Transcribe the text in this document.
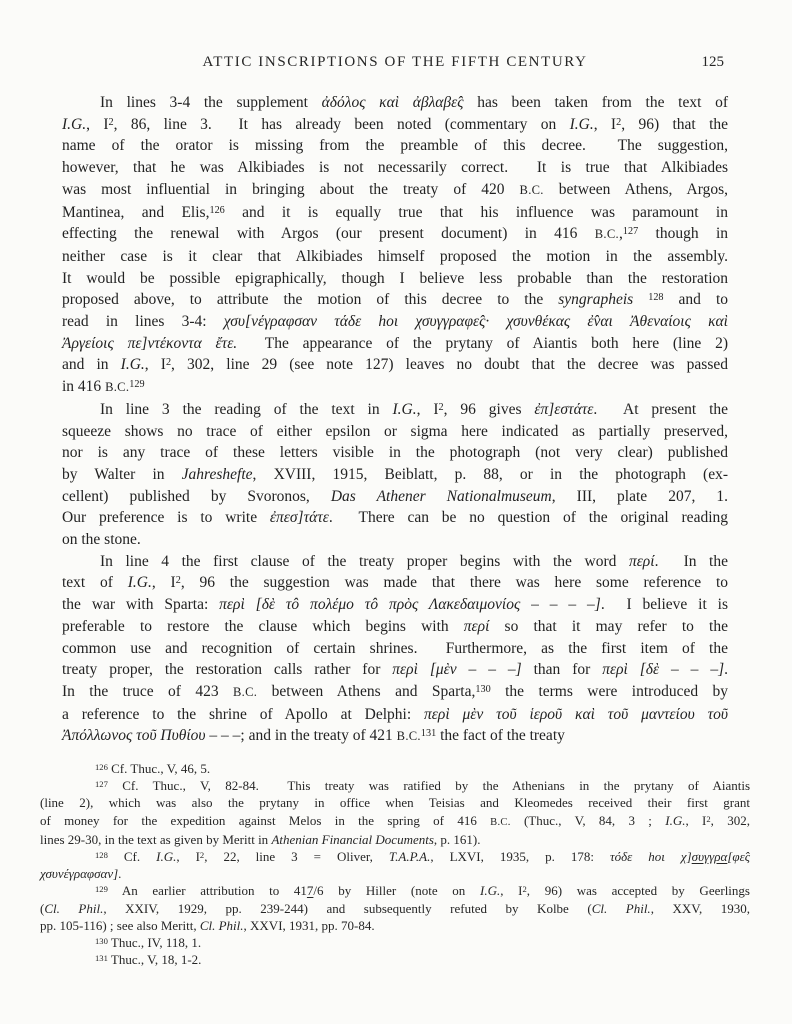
ATTIC INSCRIPTIONS OF THE FIFTH CENTURY	125
In lines 3-4 the supplement ἀδόλος καὶ ἀβλαβε̂ς has been taken from the text of
I.G., $I^2$, 86, line 3.  It has already been noted (commentary on I.G., $I^2$, 96) that the
name of the orator is missing from the preamble of this decree.  The suggestion,
however, that he was Alkibiades is not necessarily correct.  It is true that Alkibiades
was most influential in bringing about the treaty of 420 B.C. between Athens, Argos,
Mantinea, and Elis,$^{126}$ and it is equally true that his influence was paramount in
effecting the renewal with Argos (our present document) in 416 B.C.,$^{127}$ though in
neither case is it clear that Alkibiades himself proposed the motion in the assembly.
It would be possible epigraphically, though I believe less probable than the restoration
proposed above, to attribute the motion of this decree to the syngrapheis $^{128}$ and to
read in lines 3-4: χσυ[νέγραφσαν τάδε hοι χσυγγραφε̂ς· χσυνθέκας ἐ̂ναι Ἀθεναίοις καὶ
Ἀργείοις πε]ντέκοντα ἔτε.  The appearance of the prytany of Aiantis both here (line 2)
and in I.G., $I^2$, 302, line 29 (see note 127) leaves no doubt that the decree was passed
in 416 B.C.$^{129}$
In line 3 the reading of the text in I.G., $I^2$, 96 gives ἐπ]εστάτε.  At present the
squeeze shows no trace of either epsilon or sigma here indicated as partially preserved,
nor is any trace of these letters visible in the photograph (not very clear) published
by Walter in Jahreshefte, XVIII, 1915, Beiblatt, p. 88, or in the photograph (ex-
cellent) published by Svoronos, Das Athener Nationalmuseum, III, plate 207, 1.
Our preference is to write ἐπεσ]τάτε.  There can be no question of the original reading
on the stone.
In line 4 the first clause of the treaty proper begins with the word περί.  In the
text of I.G., $I^2$, 96 the suggestion was made that there was here some reference to
the war with Sparta: περὶ [δὲ τô πολέμο τô πρὸς Λακεδαιμονίος – – – –].  I believe it is
preferable to restore the clause which begins with περί so that it may refer to the
common use and recognition of certain shrines.  Furthermore, as the first item of the
treaty proper, the restoration calls rather for περὶ [μὲν – – –] than for περὶ [δὲ – – –].
In the truce of 423 B.C. between Athens and Sparta,$^{130}$ the terms were introduced by
a reference to the shrine of Apollo at Delphi: περὶ μὲν τοῦ ἱεροῦ καὶ τοῦ μαντείου τοῦ
Ἀπόλλωνος τοῦ Πυθίου – – –; and in the treaty of 421 B.C.$^{131}$ the fact of the treaty
$^{126}$ Cf. Thuc., V, 46, 5.
$^{127}$ Cf. Thuc., V, 82-84.  This treaty was ratified by the Athenians in the prytany of Aiantis
(line 2), which was also the prytany in office when Teisias and Kleomedes received their first grant
of money for the expedition against Melos in the spring of 416 B.C. (Thuc., V, 84, 3 ; I.G., $I^2$, 302,
lines 29-30, in the text as given by Meritt in Athenian Financial Documents, p. 161).
$^{128}$ Cf. I.G., $I^2$, 22, line 3 = Oliver, T.A.P.A., LXVI, 1935, p. 178: τόδε hοι χ]συγγρα[φε̂ς
χσυνέγραφσαν].
$^{129}$ An earlier attribution to 417/6 by Hiller (note on I.G., $I^2$, 96) was accepted by Geerlings
(Cl. Phil., XXIV, 1929, pp. 239-244) and subsequently refuted by Kolbe (Cl. Phil., XXV, 1930,
pp. 105-116) ; see also Meritt, Cl. Phil., XXVI, 1931, pp. 70-84.
$^{130}$ Thuc., IV, 118, 1.
$^{131}$ Thuc., V, 18, 1-2.
